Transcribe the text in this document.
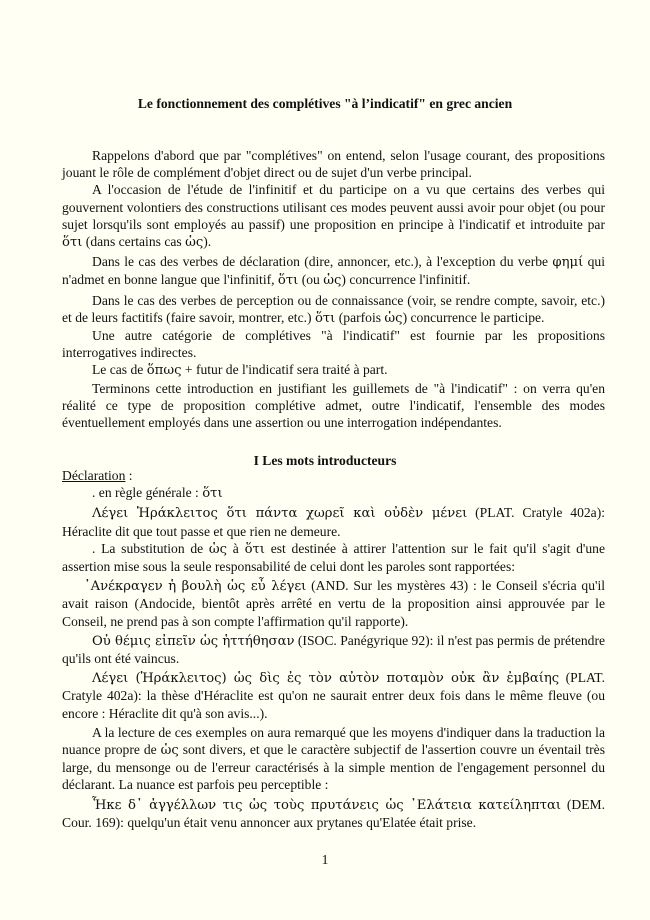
Le fonctionnement des complétives "à l’indicatif" en grec ancien

Rappelons d'abord que par "complétives" on entend, selon l'usage courant, des propositions jouant le rôle de complément d'objet direct ou de sujet d'un verbe principal.

A l'occasion de l'étude de l'infinitif et du participe on a vu que certains des verbes qui gouvernent volontiers des constructions utilisant ces modes peuvent aussi avoir pour objet (ou pour sujet lorsqu'ils sont employés au passif) une proposition en principe à l'indicatif et introduite par ὅτι (dans certains cas ὡς).

Dans le cas des verbes de déclaration (dire, annoncer, etc.), à l'exception du verbe φημί qui n'admet en bonne langue que l'infinitif, ὅτι (ou ὡς) concurrence l'infinitif.

Dans le cas des verbes de perception ou de connaissance (voir, se rendre compte, savoir, etc.) et de leurs factitifs (faire savoir, montrer, etc.) ὅτι (parfois ὡς) concurrence le participe.

Une autre catégorie de complétives "à l'indicatif" est fournie par les propositions interrogatives indirectes.

Le cas de ὅπως + futur de l'indicatif sera traité à part.

Terminons cette introduction en justifiant les guillemets de "à l'indicatif" : on verra qu'en réalité ce type de proposition complétive admet, outre l'indicatif, l'ensemble des modes éventuellement employés dans une assertion ou une interrogation indépendantes.

Déclaration :

. en règle générale : ὅτι

Λέγει Ἡράκλειτος ὅτι πάντα χωρεῖ καὶ οὐδὲν μένει (PLAT. Cratyle 402a): Héraclite dit que tout passe et que rien ne demeure.

. La substitution de ὡς à ὅτι est destinée à attirer l'attention sur le fait qu'il s'agit d'une assertion mise sous la seule responsabilité de celui dont les paroles sont rapportées:

᾽Ανέκραγεν ἡ βουλὴ ὡς εὖ λέγει (AND. Sur les mystères 43) : le Conseil s'écria qu'il avait raison (Andocide, bientôt après arrêté en vertu de la proposition ainsi approuvée par le Conseil, ne prend pas à son compte l'affirmation qu'il rapporte).

Οὐ θέμις εἰπεῖν ὡς ἡττήθησαν (ISOC. Panégyrique 92): il n'est pas permis de prétendre qu'ils ont été vaincus.

Λέγει (Ἡράκλειτος) ὡς δὶς ἐς τὸν αὐτὸν ποταμὸν οὐκ ἂν ἐμβαίης (PLAT. Cratyle 402a): la thèse d'Héraclite est qu'on ne saurait entrer deux fois dans le même fleuve (ou encore : Héraclite dit qu'à son avis...).

A la lecture de ces exemples on aura remarqué que les moyens d'indiquer dans la traduction la nuance propre de ὡς sont divers, et que le caractère subjectif de l'assertion couvre un éventail très large, du mensonge ou de l'erreur caractérisés à la simple mention de l'engagement personnel du déclarant. La nuance est parfois peu perceptible :

Ἧκε δ᾽ ἀγγέλλων τις ὡς τοὺς πρυτάνεις ὡς ᾽Ελάτεια κατείληπται (DEM. Cour. 169): quelqu'un était venu annoncer aux prytanes qu'Elatée était prise.

I Les mots introducteurs
1
